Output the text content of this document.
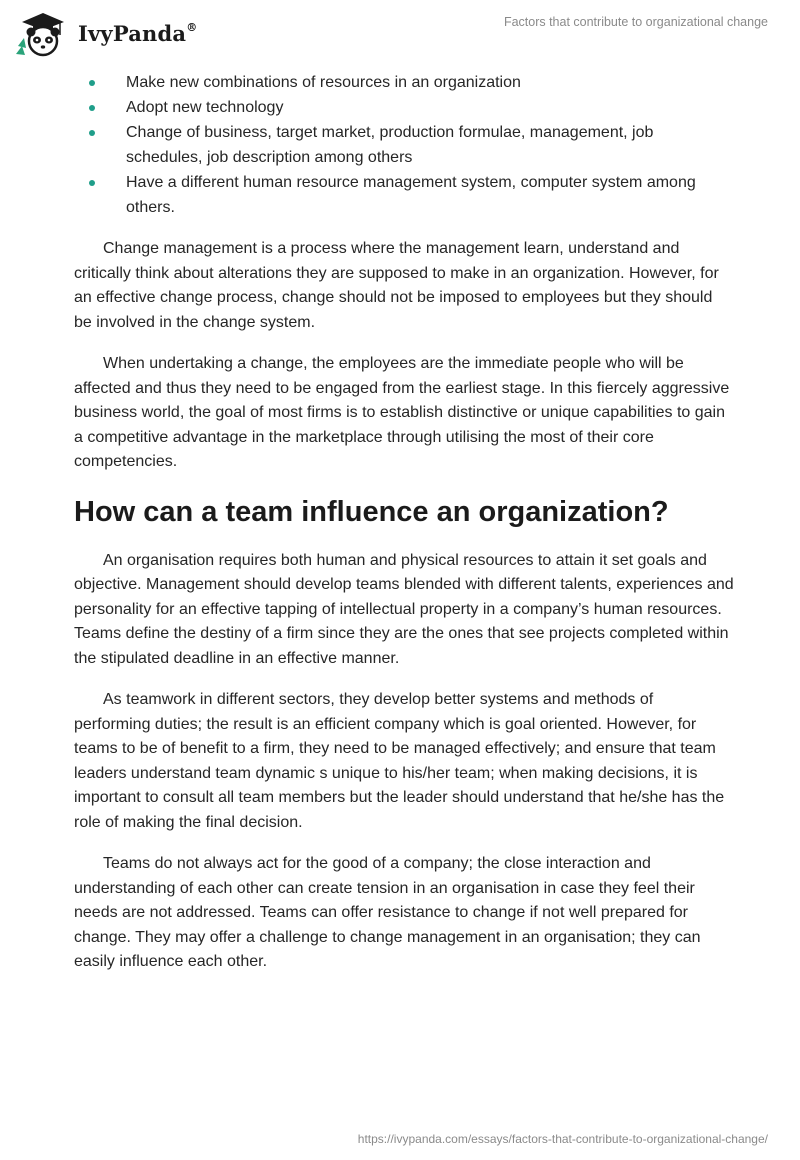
IvyPanda®	Factors that contribute to organizational change
Make new combinations of resources in an organization
Adopt new technology
Change of business, target market, production formulae, management, job schedules, job description among others
Have a different human resource management system, computer system among others.

Change management is a process where the management learn, understand and critically think about alterations they are supposed to make in an organization. However, for an effective change process, change should not be imposed to employees but they should be involved in the change system.

When undertaking a change, the employees are the immediate people who will be affected and thus they need to be engaged from the earliest stage. In this fiercely aggressive business world, the goal of most firms is to establish distinctive or unique capabilities to gain a competitive advantage in the marketplace through utilising the most of their core competencies.

How can a team influence an organization?

An organisation requires both human and physical resources to attain it set goals and objective. Management should develop teams blended with different talents, experiences and personality for an effective tapping of intellectual property in a company’s human resources. Teams define the destiny of a firm since they are the ones that see projects completed within the stipulated deadline in an effective manner.

As teamwork in different sectors, they develop better systems and methods of performing duties; the result is an efficient company which is goal oriented. However, for teams to be of benefit to a firm, they need to be managed effectively; and ensure that team leaders understand team dynamic s unique to his/her team; when making decisions, it is important to consult all team members but the leader should understand that he/she has the role of making the final decision.

Teams do not always act for the good of a company; the close interaction and understanding of each other can create tension in an organisation in case they feel their needs are not addressed. Teams can offer resistance to change if not well prepared for change. They may offer a challenge to change management in an organisation; they can easily influence each other.

https://ivypanda.com/essays/factors-that-contribute-to-organizational-change/
